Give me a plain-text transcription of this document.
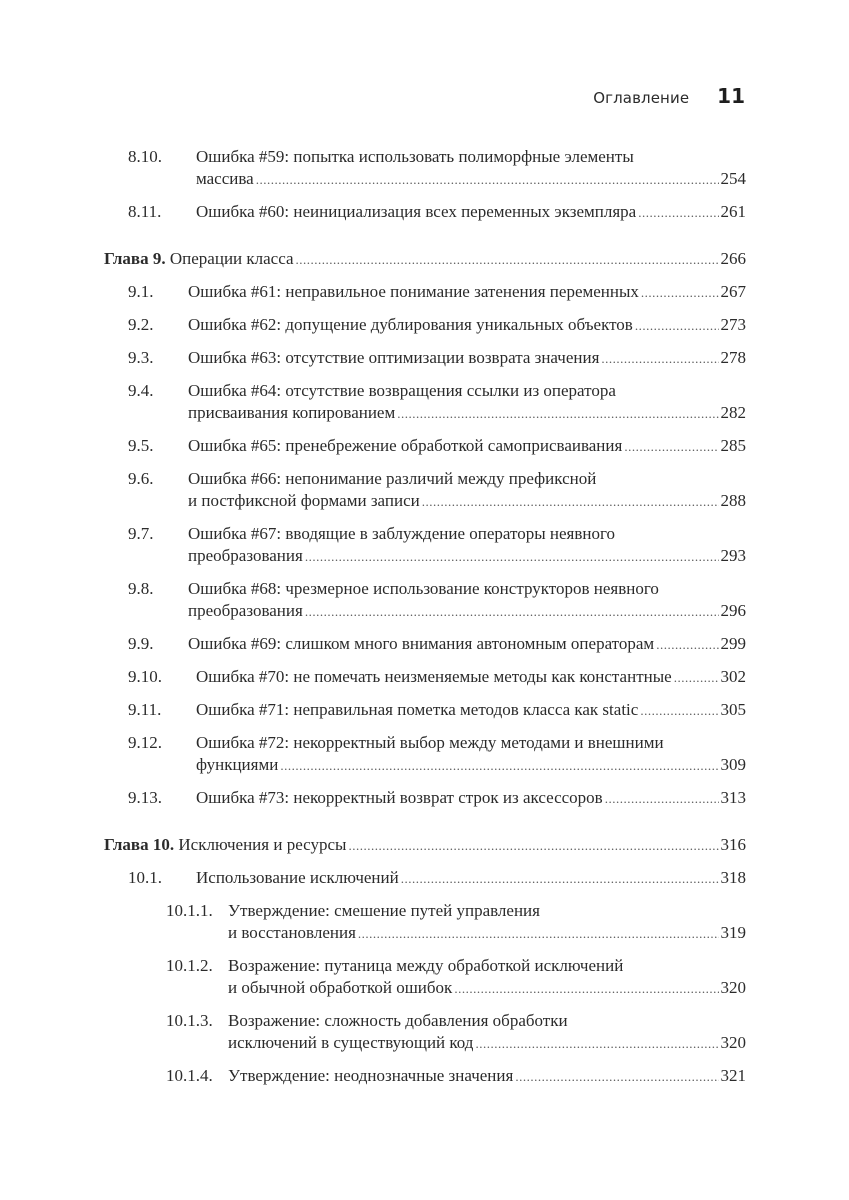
Оглавление 11
8.10.	Ошибка #59: попытка использовать полиморфные элементы
массива .....	254
8.11.	Ошибка #60: неинициализация всех переменных экземпляра .....	261
Глава 9. Операции класса .....	266
9.1.	Ошибка #61: неправильное понимание затенения переменных .....	267
9.2.	Ошибка #62: допущение дублирования уникальных объектов .....	273
9.3.	Ошибка #63: отсутствие оптимизации возврата значения .....	278
9.4.	Ошибка #64: отсутствие возвращения ссылки из оператора
присваивания копированием .....	282
9.5.	Ошибка #65: пренебрежение обработкой самоприсваивания .....	285
9.6.	Ошибка #66: непонимание различий между префиксной
и постфиксной формами записи .....	288
9.7.	Ошибка #67: вводящие в заблуждение операторы неявного
преобразования .....	293
9.8.	Ошибка #68: чрезмерное использование конструкторов неявного
преобразования .....	296
9.9.	Ошибка #69: слишком много внимания автономным операторам .....	299
9.10.	Ошибка #70: не помечать неизменяемые методы как константные .....	302
9.11.	Ошибка #71: неправильная пометка методов класса как static .....	305
9.12.	Ошибка #72: некорректный выбор между методами и внешними
функциями .....	309
9.13.	Ошибка #73: некорректный возврат строк из аксессоров .....	313
Глава 10. Исключения и ресурсы .....	316
10.1.	Использование исключений .....	318
10.1.1. Утверждение: смешение путей управления
и восстановления .....	319
10.1.2. Возражение: путаница между обработкой исключений
и обычной обработкой ошибок .....	320
10.1.3. Возражение: сложность добавления обработки
исключений в существующий код .....	320
10.1.4. Утверждение: неоднозначные значения .....	321
